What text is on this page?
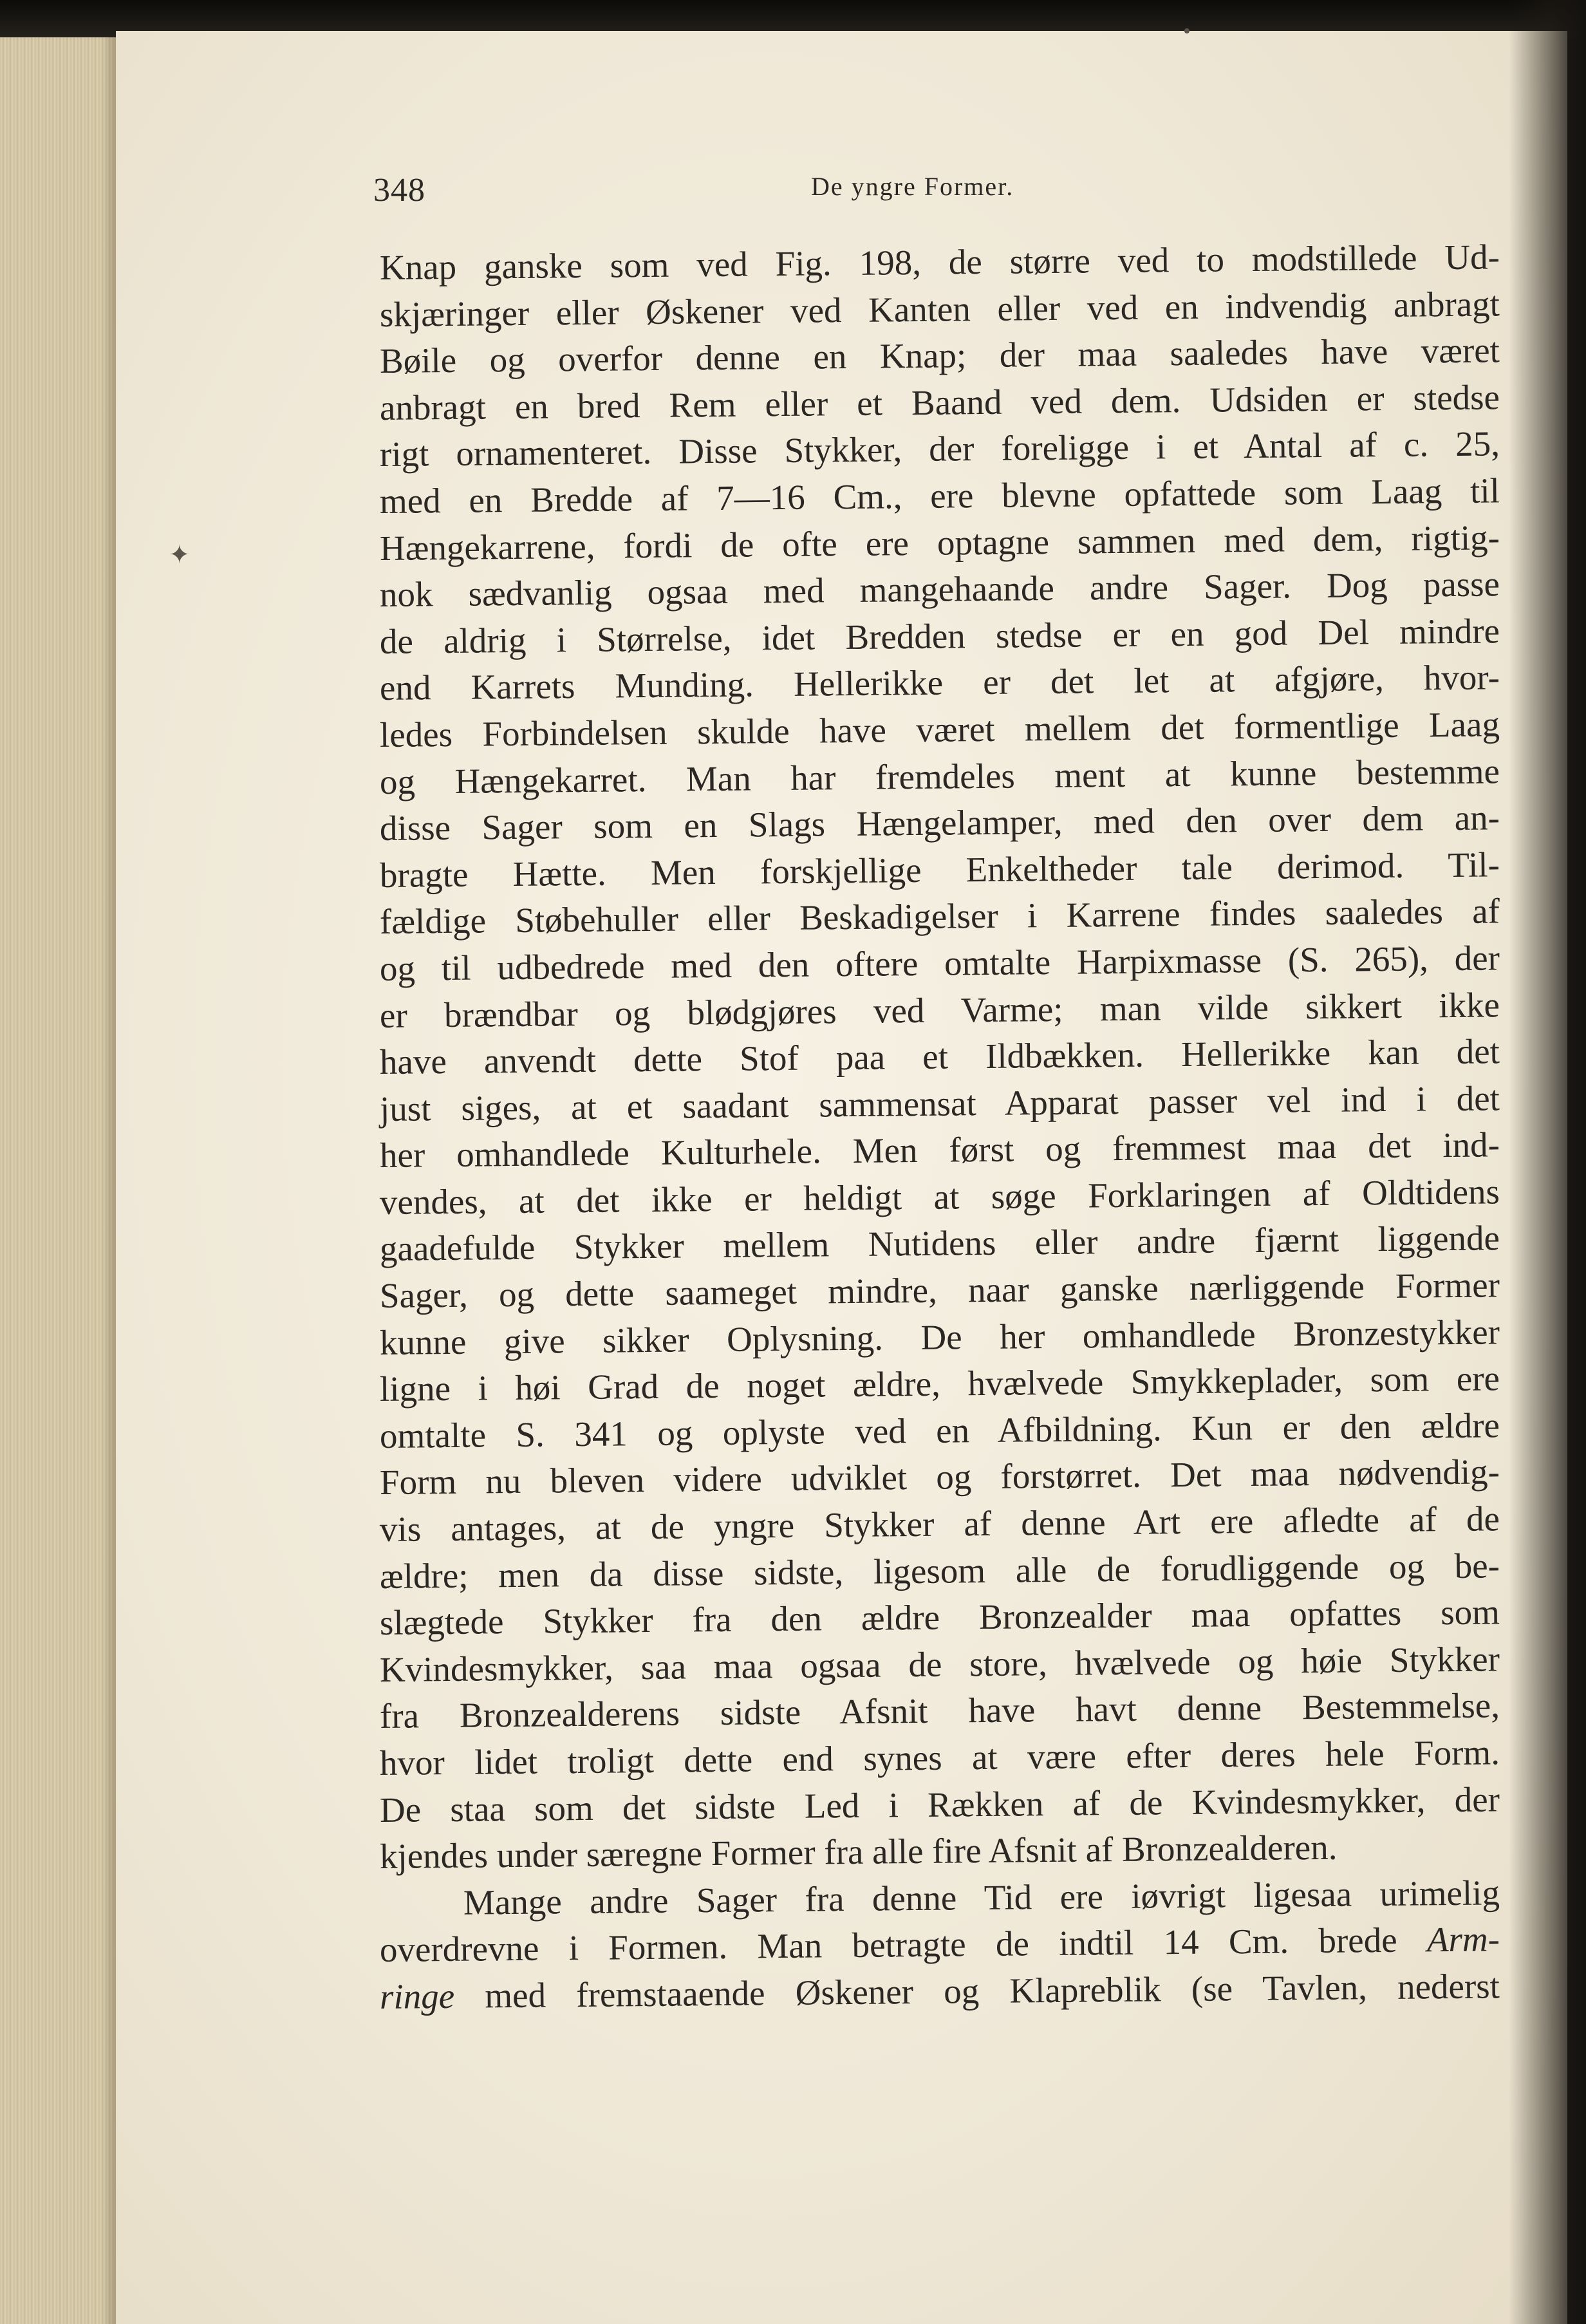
•
✦
348	De yngre Former.
Knap ganske som ved Fig. 198, de større ved to modstillede Ud-
skjæringer eller Øskener ved Kanten eller ved en indvendig anbragt
Bøile og overfor denne en Knap; der maa saaledes have været
anbragt en bred Rem eller et Baand ved dem. Udsiden er stedse
rigt ornamenteret. Disse Stykker, der foreligge i et Antal af c. 25,
med en Bredde af 7—16 Cm., ere blevne opfattede som Laag til
Hængekarrene, fordi de ofte ere optagne sammen med dem, rigtig-
nok sædvanlig ogsaa med mangehaande andre Sager. Dog passe
de aldrig i Størrelse, idet Bredden stedse er en god Del mindre
end Karrets Munding. Hellerikke er det let at afgjøre, hvor-
ledes Forbindelsen skulde have været mellem det formentlige Laag
og Hængekarret. Man har fremdeles ment at kunne bestemme
disse Sager som en Slags Hængelamper, med den over dem an-
bragte Hætte. Men forskjellige Enkeltheder tale derimod. Til-
fældige Støbehuller eller Beskadigelser i Karrene findes saaledes af
og til udbedrede med den oftere omtalte Harpixmasse (S. 265), der
er brændbar og blødgjøres ved Varme; man vilde sikkert ikke
have anvendt dette Stof paa et Ildbækken. Hellerikke kan det
just siges, at et saadant sammensat Apparat passer vel ind i det
her omhandlede Kulturhele. Men først og fremmest maa det ind-
vendes, at det ikke er heldigt at søge Forklaringen af Oldtidens
gaadefulde Stykker mellem Nutidens eller andre fjærnt liggende
Sager, og dette saameget mindre, naar ganske nærliggende Former
kunne give sikker Oplysning. De her omhandlede Bronzestykker
ligne i høi Grad de noget ældre, hvælvede Smykkeplader, som ere
omtalte S. 341 og oplyste ved en Afbildning. Kun er den ældre
Form nu bleven videre udviklet og forstørret. Det maa nødvendig-
vis antages, at de yngre Stykker af denne Art ere afledte af de
ældre; men da disse sidste, ligesom alle de forudliggende og be-
slægtede Stykker fra den ældre Bronzealder maa opfattes som
Kvindesmykker, saa maa ogsaa de store, hvælvede og høie Stykker
fra Bronzealderens sidste Afsnit have havt denne Bestemmelse,
hvor lidet troligt dette end synes at være efter deres hele Form.
De staa som det sidste Led i Rækken af de Kvindesmykker, der
kjendes under særegne Former fra alle fire Afsnit af Bronzealderen.
Mange andre Sager fra denne Tid ere iøvrigt ligesaa urimelig
overdrevne i Formen. Man betragte de indtil 14 Cm. brede Arm-
ringe med fremstaaende Øskener og Klapreblik (se Tavlen, nederst
